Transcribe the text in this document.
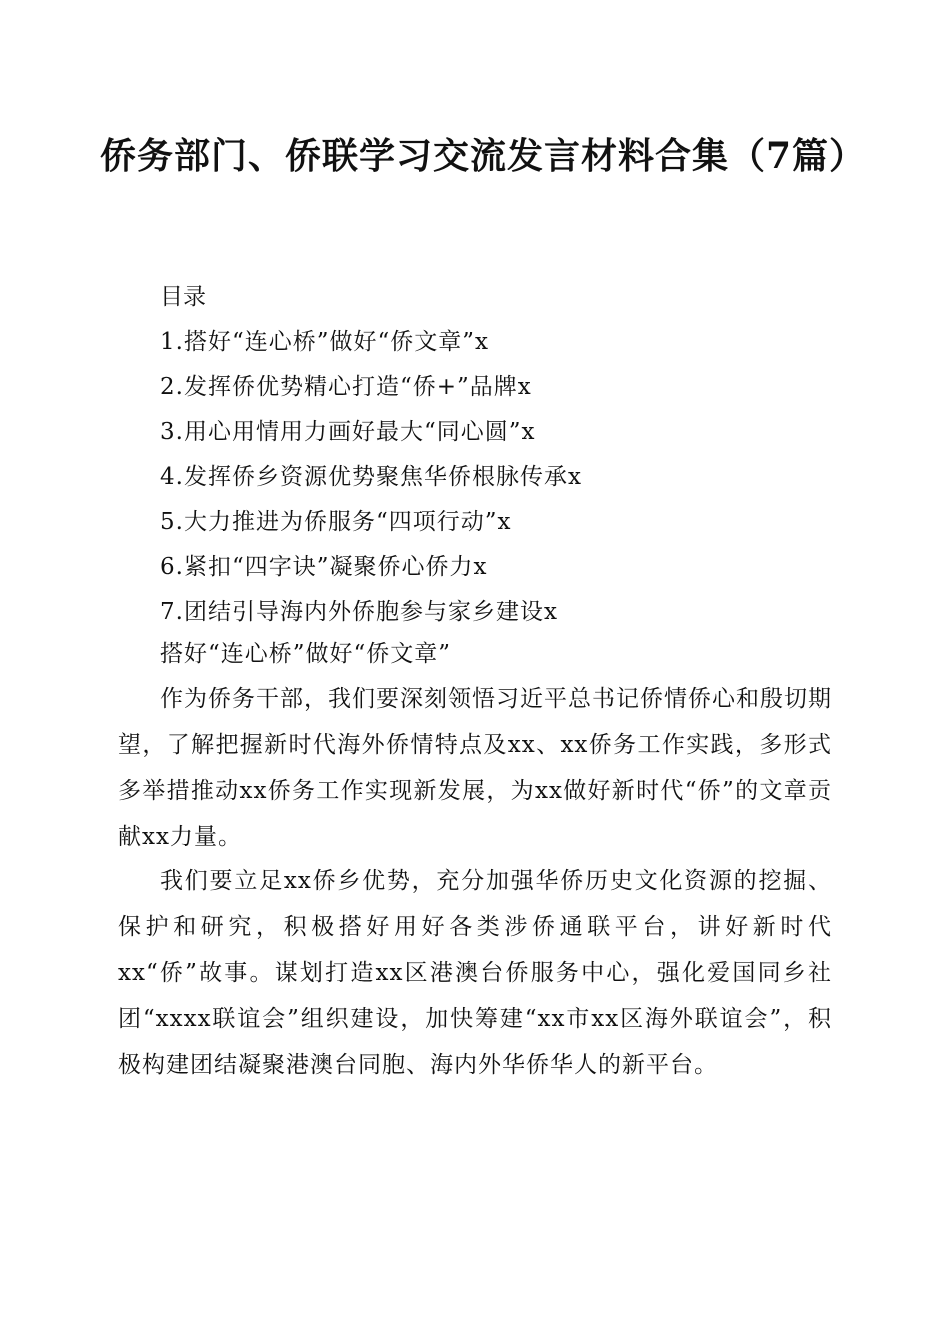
侨务部门、侨联学习交流发言材料合集（7篇）
目录
1.搭好“连心桥”做好“侨文章”x
2.发挥侨优势精心打造“侨+”品牌x
3.用心用情用力画好最大“同心圆”x
4.发挥侨乡资源优势聚焦华侨根脉传承x
5.大力推进为侨服务“四项行动”x
6.紧扣“四字诀”凝聚侨心侨力x
7.团结引导海内外侨胞参与家乡建设x
搭好“连心桥”做好“侨文章”

作为侨务干部，我们要深刻领悟习近平总书记侨情侨心和殷切期望，了解把握新时代海外侨情特点及xx、xx侨务工作实践，多形式多举措推动xx侨务工作实现新发展，为xx做好新时代“侨”的文章贡献xx力量。

我们要立足xx侨乡优势，充分加强华侨历史文化资源的挖掘、保护和研究，积极搭好用好各类涉侨通联平台，讲好新时代xx“侨”故事。谋划打造xx区港澳台侨服务中心，强化爱国同乡社团“xxxx联谊会”组织建设，加快筹建“xx市xx区海外联谊会”，积极构建团结凝聚港澳台同胞、海内外华侨华人的新平台。
